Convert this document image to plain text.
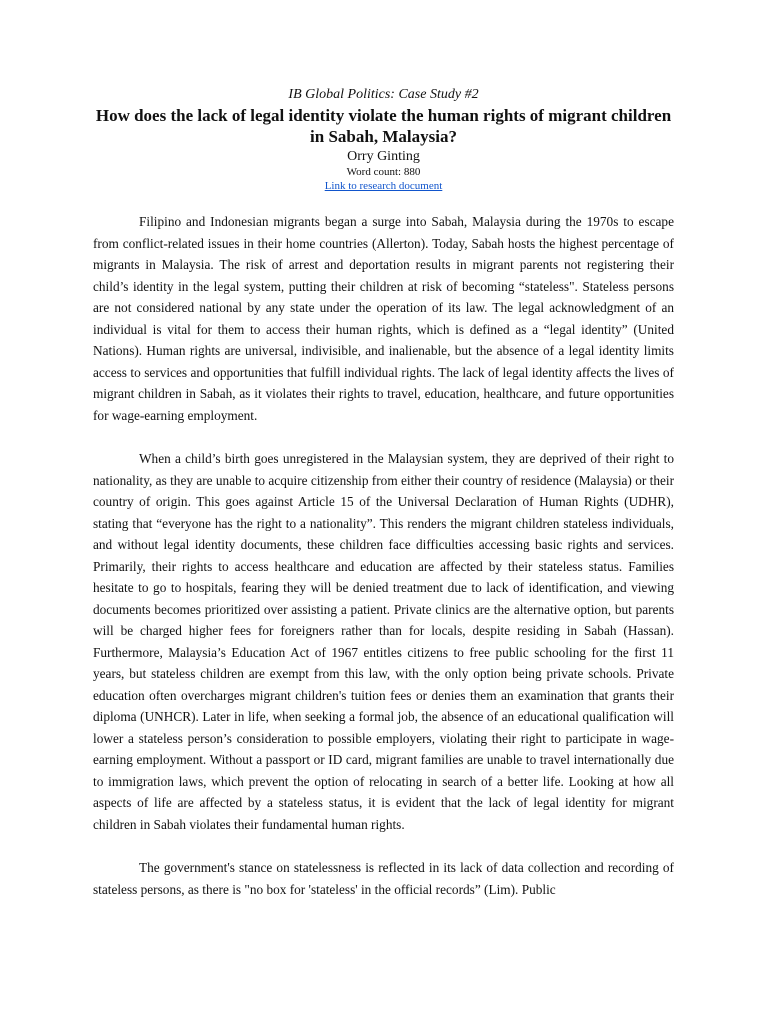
IB Global Politics: Case Study #2

How does the lack of legal identity violate the human rights of migrant children in Sabah, Malaysia?

Orry Ginting

Word count: 880

Link to research document

Filipino and Indonesian migrants began a surge into Sabah, Malaysia during the 1970s to escape from conflict-related issues in their home countries (Allerton). Today, Sabah hosts the highest percentage of migrants in Malaysia. The risk of arrest and deportation results in migrant parents not registering their child’s identity in the legal system, putting their children at risk of becoming “stateless". Stateless persons are not considered national by any state under the operation of its law. The legal acknowledgment of an individual is vital for them to access their human rights, which is defined as a “legal identity” (United Nations). Human rights are universal, indivisible, and inalienable, but the absence of a legal identity limits access to services and opportunities that fulfill individual rights. The lack of legal identity affects the lives of migrant children in Sabah, as it violates their rights to travel, education, healthcare, and future opportunities for wage-earning employment.

When a child’s birth goes unregistered in the Malaysian system, they are deprived of their right to nationality, as they are unable to acquire citizenship from either their country of residence (Malaysia) or their country of origin. This goes against Article 15 of the Universal Declaration of Human Rights (UDHR), stating that “everyone has the right to a nationality”. This renders the migrant children stateless individuals, and without legal identity documents, these children face difficulties accessing basic rights and services. Primarily, their rights to access healthcare and education are affected by their stateless status. Families hesitate to go to hospitals, fearing they will be denied treatment due to lack of identification, and viewing documents becomes prioritized over assisting a patient. Private clinics are the alternative option, but parents will be charged higher fees for foreigners rather than for locals, despite residing in Sabah (Hassan). Furthermore, Malaysia’s Education Act of 1967 entitles citizens to free public schooling for the first 11 years, but stateless children are exempt from this law, with the only option being private schools. Private education often overcharges migrant children's tuition fees or denies them an examination that grants their diploma (UNHCR). Later in life, when seeking a formal job, the absence of an educational qualification will lower a stateless person’s consideration to possible employers, violating their right to participate in wage-earning employment. Without a passport or ID card, migrant families are unable to travel internationally due to immigration laws, which prevent the option of relocating in search of a better life. Looking at how all aspects of life are affected by a stateless status, it is evident that the lack of legal identity for migrant children in Sabah violates their fundamental human rights.

The government's stance on statelessness is reflected in its lack of data collection and recording of stateless persons, as there is "no box for 'stateless' in the official records” (Lim). Public
